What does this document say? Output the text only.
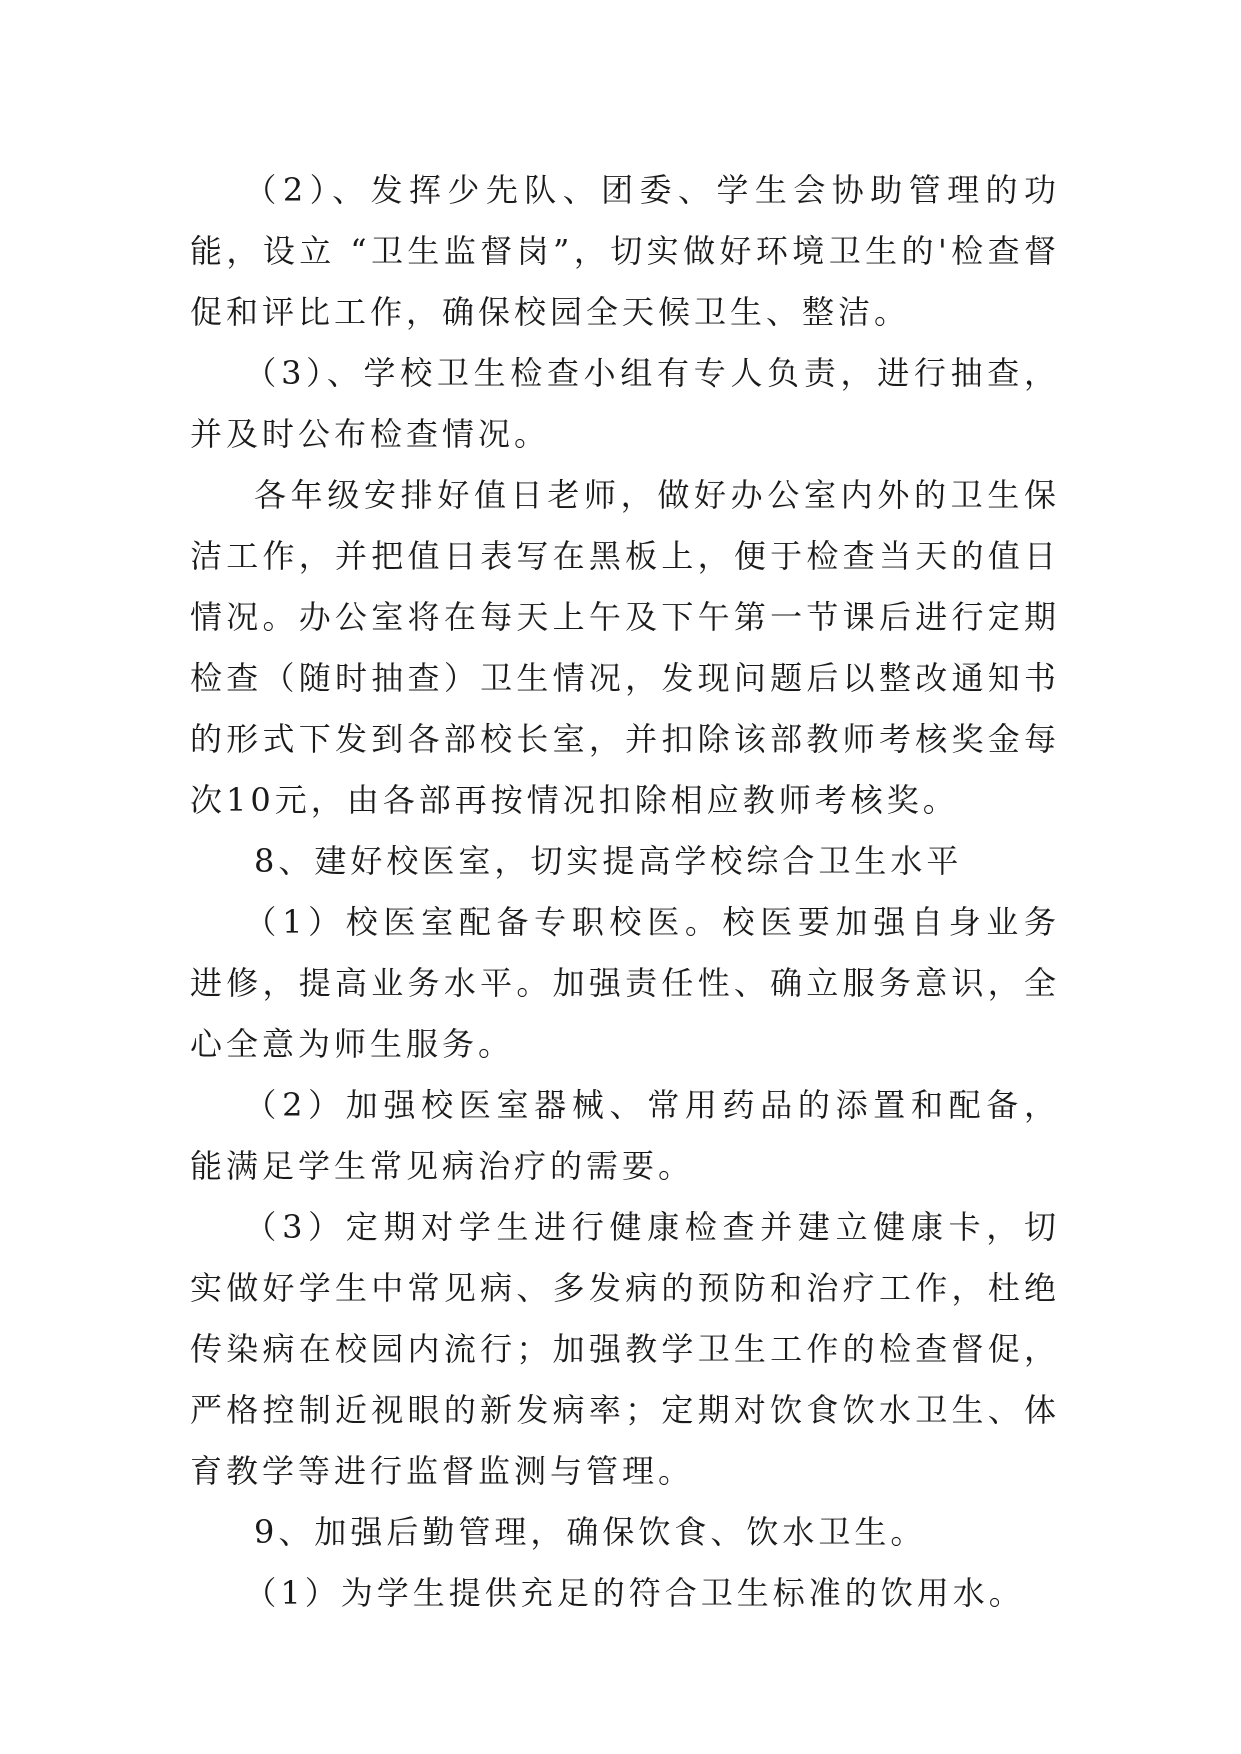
（2）、发挥少先队、团委、学生会协助管理的功能，设立 “卫生监督岗”，切实做好环境卫生的'检查督促和评比工作，确保校园全天候卫生、整洁。

（3）、学校卫生检查小组有专人负责，进行抽查，并及时公布检查情况。

各年级安排好值日老师，做好办公室内外的卫生保洁工作，并把值日表写在黑板上，便于检查当天的值日情况。办公室将在每天上午及下午第一节课后进行定期检查（随时抽查）卫生情况，发现问题后以整改通知书的形式下发到各部校长室，并扣除该部教师考核奖金每次10元，由各部再按情况扣除相应教师考核奖。

8、建好校医室，切实提高学校综合卫生水平

（1）校医室配备专职校医。校医要加强自身业务进修，提高业务水平。加强责任性、确立服务意识，全心全意为师生服务。

（2）加强校医室器械、常用药品的添置和配备，能满足学生常见病治疗的需要。

（3）定期对学生进行健康检查并建立健康卡，切实做好学生中常见病、多发病的预防和治疗工作，杜绝传染病在校园内流行；加强教学卫生工作的检查督促，严格控制近视眼的新发病率；定期对饮食饮水卫生、体育教学等进行监督监测与管理。

9、加强后勤管理，确保饮食、饮水卫生。

（1）为学生提供充足的符合卫生标准的饮用水。
